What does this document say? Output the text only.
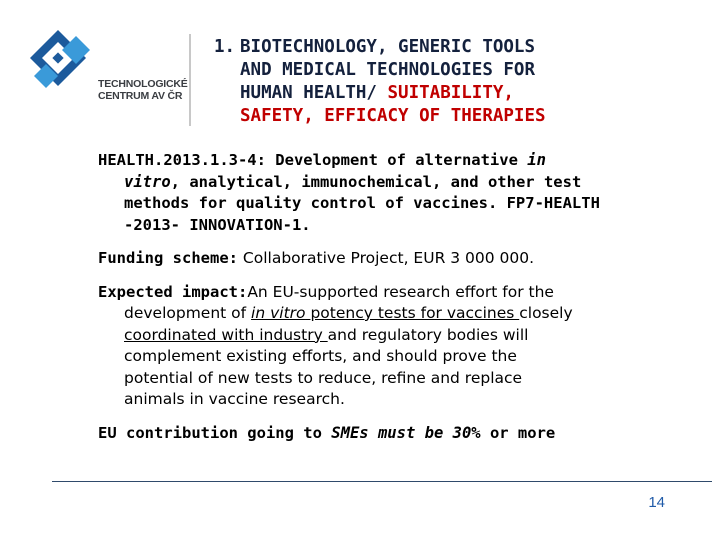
TECHNOLOGICKÉ
CENTRUM AV ČR
1. BIOTECHNOLOGY, GENERIC TOOLS
AND MEDICAL TECHNOLOGIES FOR
HUMAN HEALTH/ SUITABILITY,
SAFETY, EFFICACY OF THERAPIES
HEALTH.2013.1.3-4: Development of alternative in
vitro, analytical, immunochemical, and other test
methods for quality control of vaccines. FP7-HEALTH
-2013- INNOVATION-1.
Funding scheme: Collaborative Project, EUR 3 000 000.
Expected impact:An EU-supported research effort for the
development of in vitro potency tests for vaccines closely
coordinated with industry and regulatory bodies will
complement existing efforts, and should prove the
potential of new tests to reduce, refine and replace
animals in vaccine research.
EU contribution going to SMEs must be 30% or more
14
